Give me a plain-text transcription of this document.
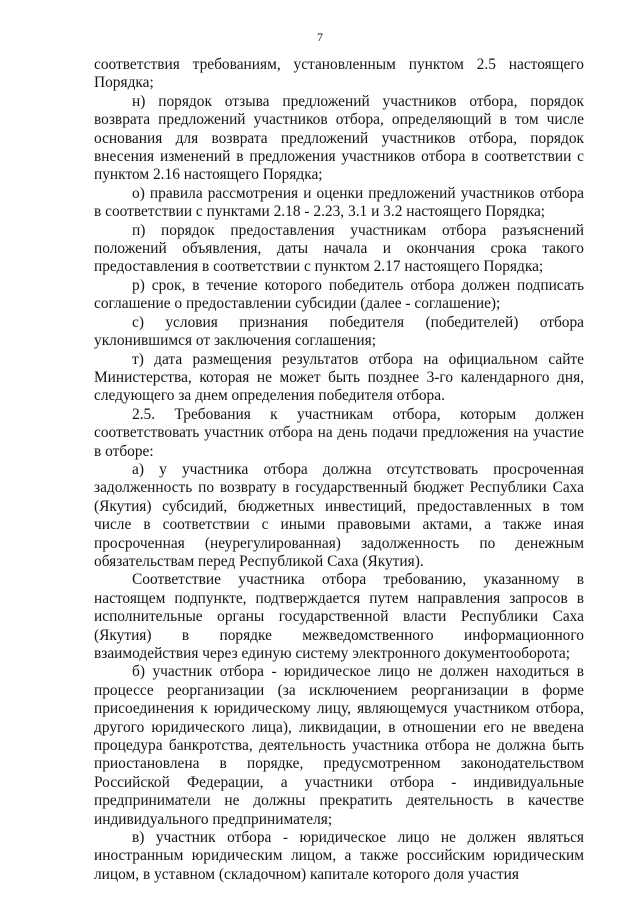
7

соответствия требованиям, установленным пунктом 2.5 настоящего Порядка;

н) порядок отзыва предложений участников отбора, порядок возврата предложений участников отбора, определяющий в том числе основания для возврата предложений участников отбора, порядок внесения изменений в предложения участников отбора в соответствии с пунктом 2.16 настоящего Порядка;

о) правила рассмотрения и оценки предложений участников отбора в соответствии с пунктами 2.18 - 2.23, 3.1 и 3.2 настоящего Порядка;

п) порядок предоставления участникам отбора разъяснений положений объявления, даты начала и окончания срока такого предоставления в соответствии с пунктом 2.17 настоящего Порядка;

р) срок, в течение которого победитель отбора должен подписать соглашение о предоставлении субсидии (далее - соглашение);

с) условия признания победителя (победителей) отбора уклонившимся от заключения соглашения;

т) дата размещения результатов отбора на официальном сайте Министерства, которая не может быть позднее 3-го календарного дня, следующего за днем определения победителя отбора.

2.5. Требования к участникам отбора, которым должен соответствовать участник отбора на день подачи предложения на участие в отборе:

а) у участника отбора должна отсутствовать просроченная задолженность по возврату в государственный бюджет Республики Саха (Якутия) субсидий, бюджетных инвестиций, предоставленных в том числе в соответствии с иными правовыми актами, а также иная просроченная (неурегулированная) задолженность по денежным обязательствам перед Республикой Саха (Якутия).

Соответствие участника отбора требованию, указанному в настоящем подпункте, подтверждается путем направления запросов в исполнительные органы государственной власти Республики Саха (Якутия) в порядке межведомственного информационного взаимодействия через единую систему электронного документооборота;

б) участник отбора - юридическое лицо не должен находиться в процессе реорганизации (за исключением реорганизации в форме присоединения к юридическому лицу, являющемуся участником отбора, другого юридического лица), ликвидации, в отношении его не введена процедура банкротства, деятельность участника отбора не должна быть приостановлена в порядке, предусмотренном законодательством Российской Федерации, а участники отбора - индивидуальные предприниматели не должны прекратить деятельность в качестве индивидуального предпринимателя;

в) участник отбора - юридическое лицо не должен являться иностранным юридическим лицом, а также российским юридическим лицом, в уставном (складочном) капитале которого доля участия
